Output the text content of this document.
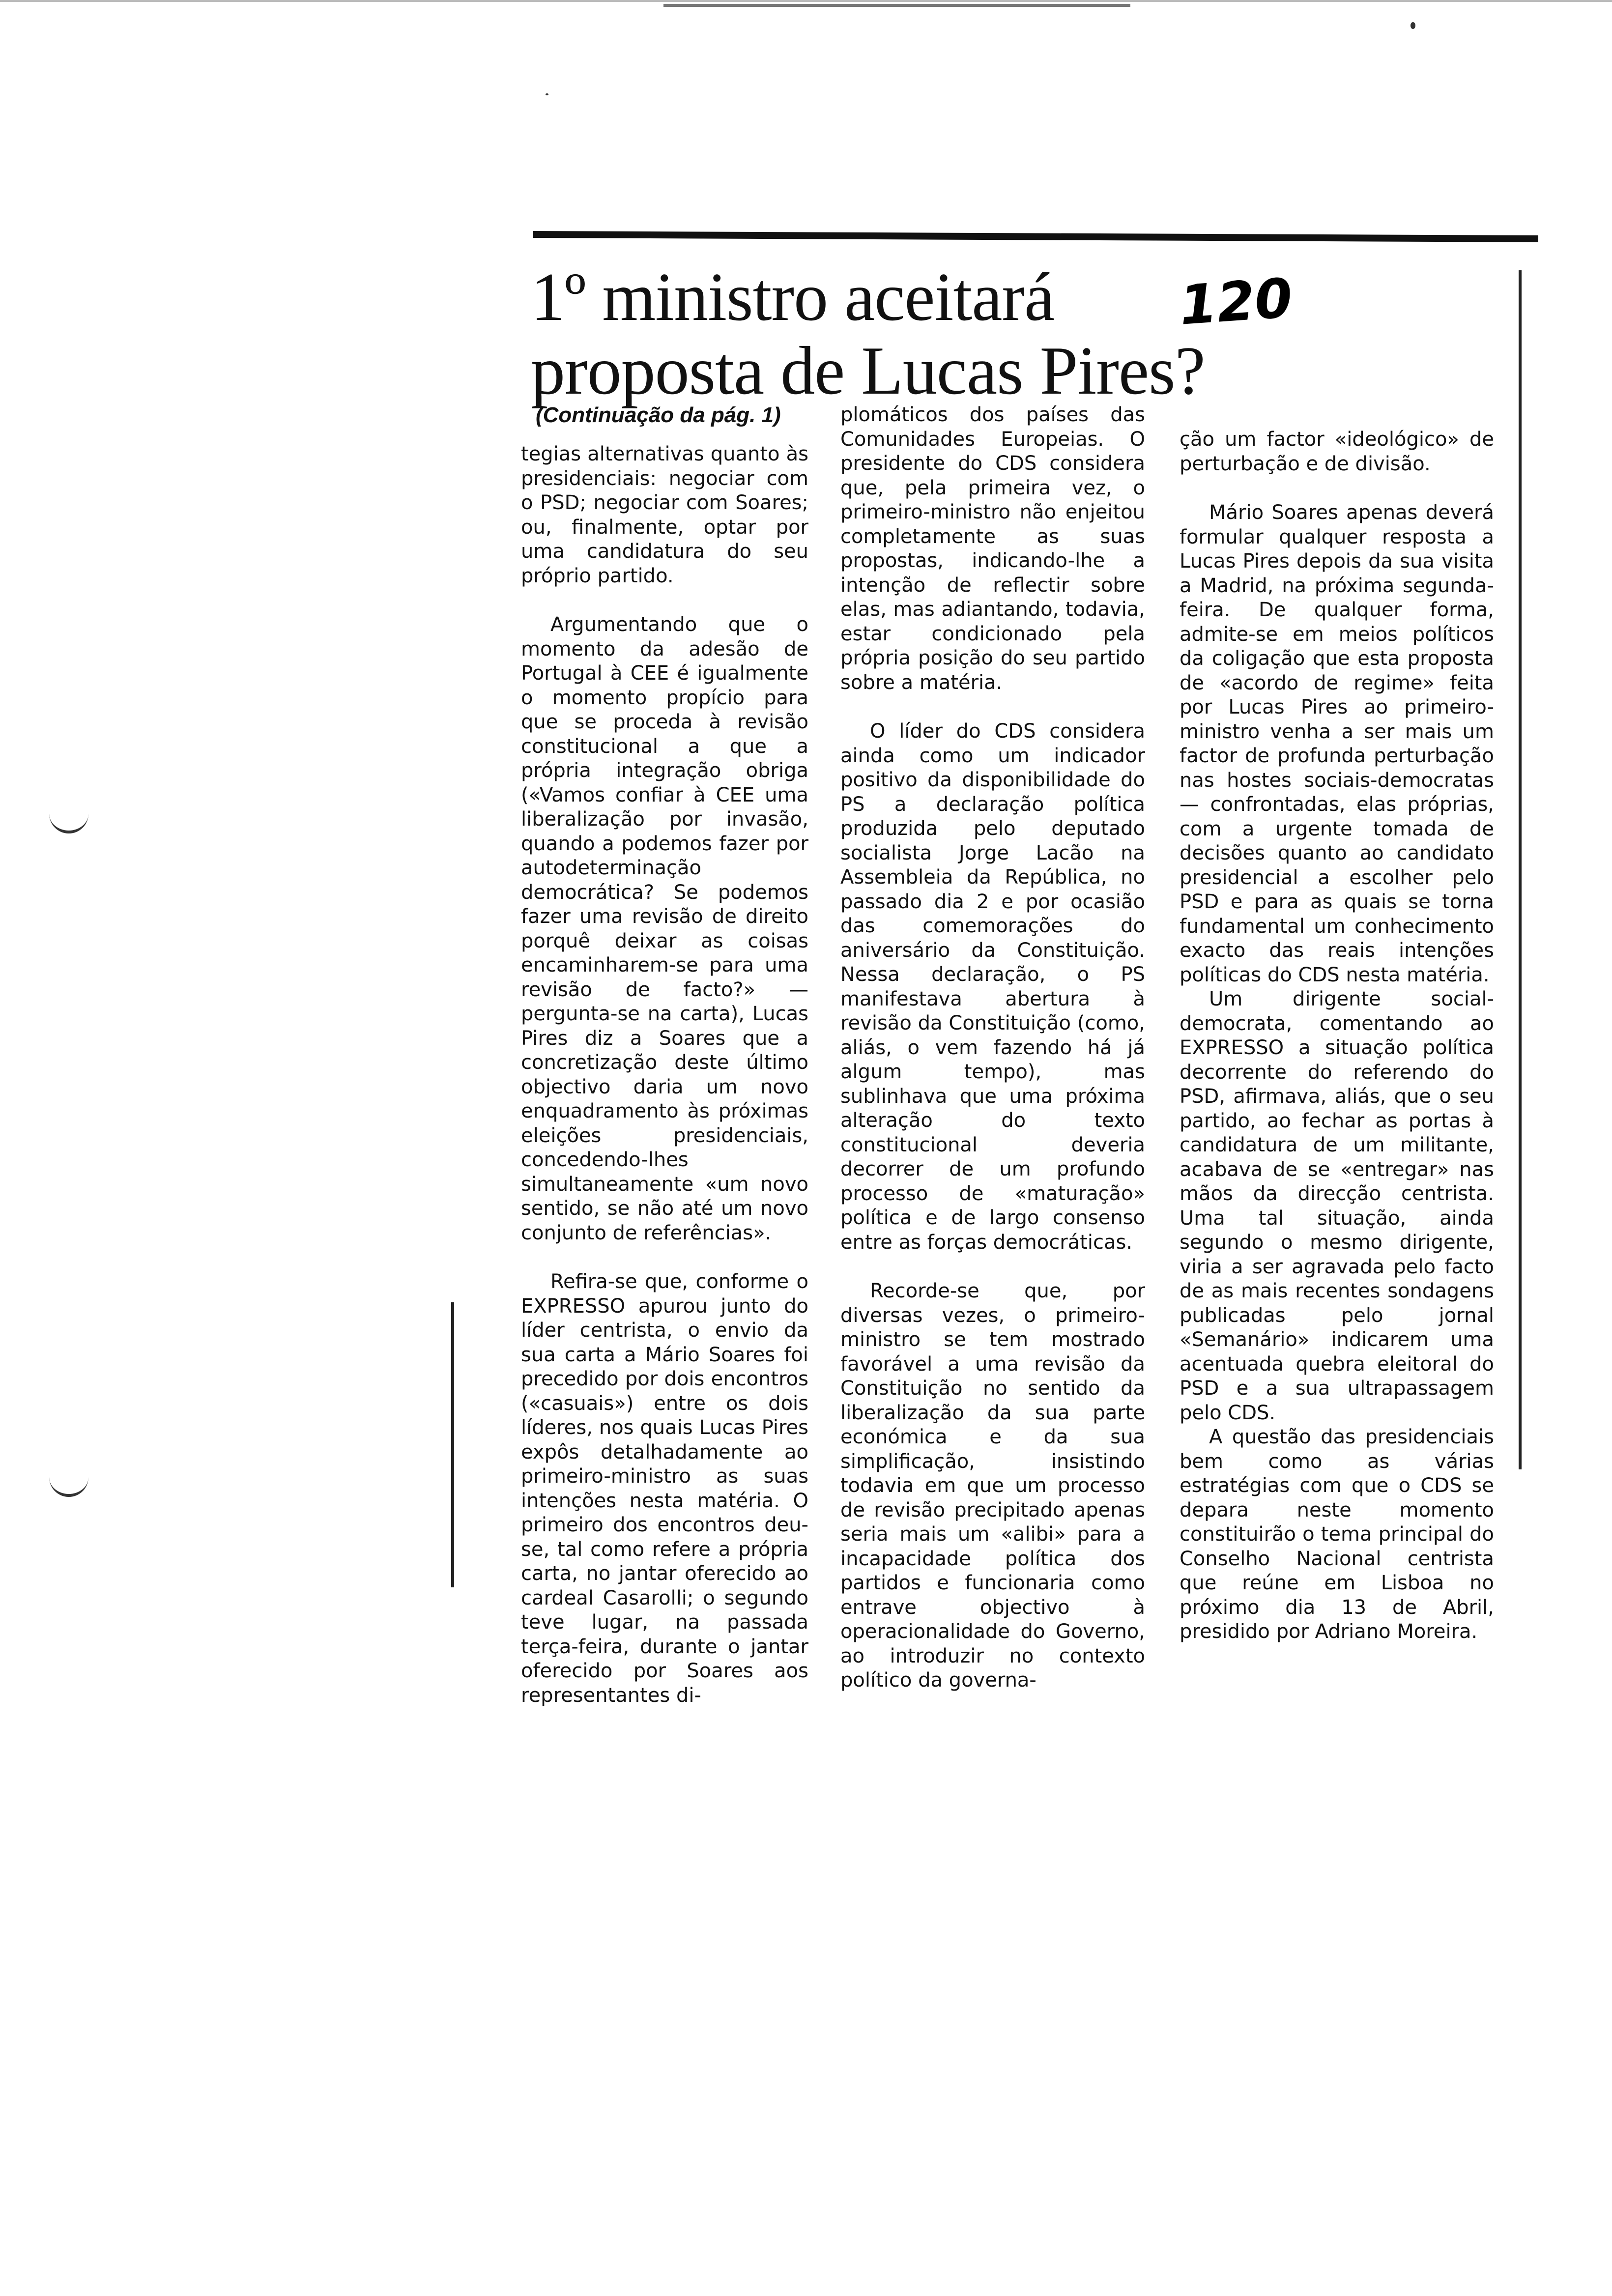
1º ministro aceitará
proposta de Lucas Pires?
120
(Continuação da pág. 1)

tegias alternativas quanto às presidenciais: negociar com o PSD; negociar com Soares; ou, finalmente, optar por uma candidatura do seu próprio partido.

Argumentando que o momento da adesão de Portugal à CEE é igualmente o momento propício para que se proceda à revisão constitucional a que a própria integração obriga («Vamos confiar à CEE uma liberalização por invasão, quando a podemos fazer por autodeterminação democrática? Se podemos fazer uma revisão de direito porquê deixar as coisas encaminharem-se para uma revisão de facto?» — pergunta-se na carta), Lucas Pires diz a Soares que a concretização deste último objectivo daria um novo enquadramento às próximas eleições presidenciais, concedendo-lhes simultaneamente «um novo sentido, se não até um novo conjunto de referências».

Refira-se que, conforme o EXPRESSO apurou junto do líder centrista, o envio da sua carta a Mário Soares foi precedido por dois encontros («casuais») entre os dois líderes, nos quais Lucas Pires expôs detalhadamente ao primeiro-ministro as suas intenções nesta matéria. O primeiro dos encontros deu-se, tal como refere a própria carta, no jantar oferecido ao cardeal Casarolli; o segundo teve lugar, na passada terça-feira, durante o jantar oferecido por Soares aos representantes di-

plomáticos dos países das Comunidades Europeias. O presidente do CDS considera que, pela primeira vez, o primeiro-ministro não enjeitou completamente as suas propostas, indicando-lhe a intenção de reflectir sobre elas, mas adiantando, todavia, estar condicionado pela própria posição do seu partido sobre a matéria.

O líder do CDS considera ainda como um indicador positivo da disponibilidade do PS a declaração política produzida pelo deputado socialista Jorge Lacão na Assembleia da República, no passado dia 2 e por ocasião das comemorações do aniversário da Constituição. Nessa declaração, o PS manifestava abertura à revisão da Constituição (como, aliás, o vem fazendo há já algum tempo), mas sublinhava que uma próxima alteração do texto constitucional deveria decorrer de um profundo processo de «maturação» política e de largo consenso entre as forças democráticas.

Recorde-se que, por diversas vezes, o primeiro-ministro se tem mostrado favorável a uma revisão da Constituição no sentido da liberalização da sua parte económica e da sua simplificação, insistindo todavia em que um processo de revisão precipitado apenas seria mais um «alibi» para a incapacidade política dos partidos e funcionaria como entrave objectivo à operacionalidade do Governo, ao introduzir no contexto político da governa-

ção um factor «ideológico» de perturbação e de divisão.

Mário Soares apenas deverá formular qualquer resposta a Lucas Pires depois da sua visita a Madrid, na próxima segunda-feira. De qualquer forma, admite-se em meios políticos da coligação que esta proposta de «acordo de regime» feita por Lucas Pires ao primeiro-ministro venha a ser mais um factor de profunda perturbação nas hostes sociais-democratas — confrontadas, elas próprias, com a urgente tomada de decisões quanto ao candidato presidencial a escolher pelo PSD e para as quais se torna fundamental um conhecimento exacto das reais intenções políticas do CDS nesta matéria.

Um dirigente social-democrata, comentando ao EXPRESSO a situação política decorrente do referendo do PSD, afirmava, aliás, que o seu partido, ao fechar as portas à candidatura de um militante, acabava de se «entregar» nas mãos da direcção centrista. Uma tal situação, ainda segundo o mesmo dirigente, viria a ser agravada pelo facto de as mais recentes sondagens publicadas pelo jornal «Semanário» indicarem uma acentuada quebra eleitoral do PSD e a sua ultrapassagem pelo CDS.

A questão das presidenciais bem como as várias estratégias com que o CDS se depara neste momento constituirão o tema principal do Conselho Nacional centrista que reúne em Lisboa no próximo dia 13 de Abril, presidido por Adriano Moreira.
